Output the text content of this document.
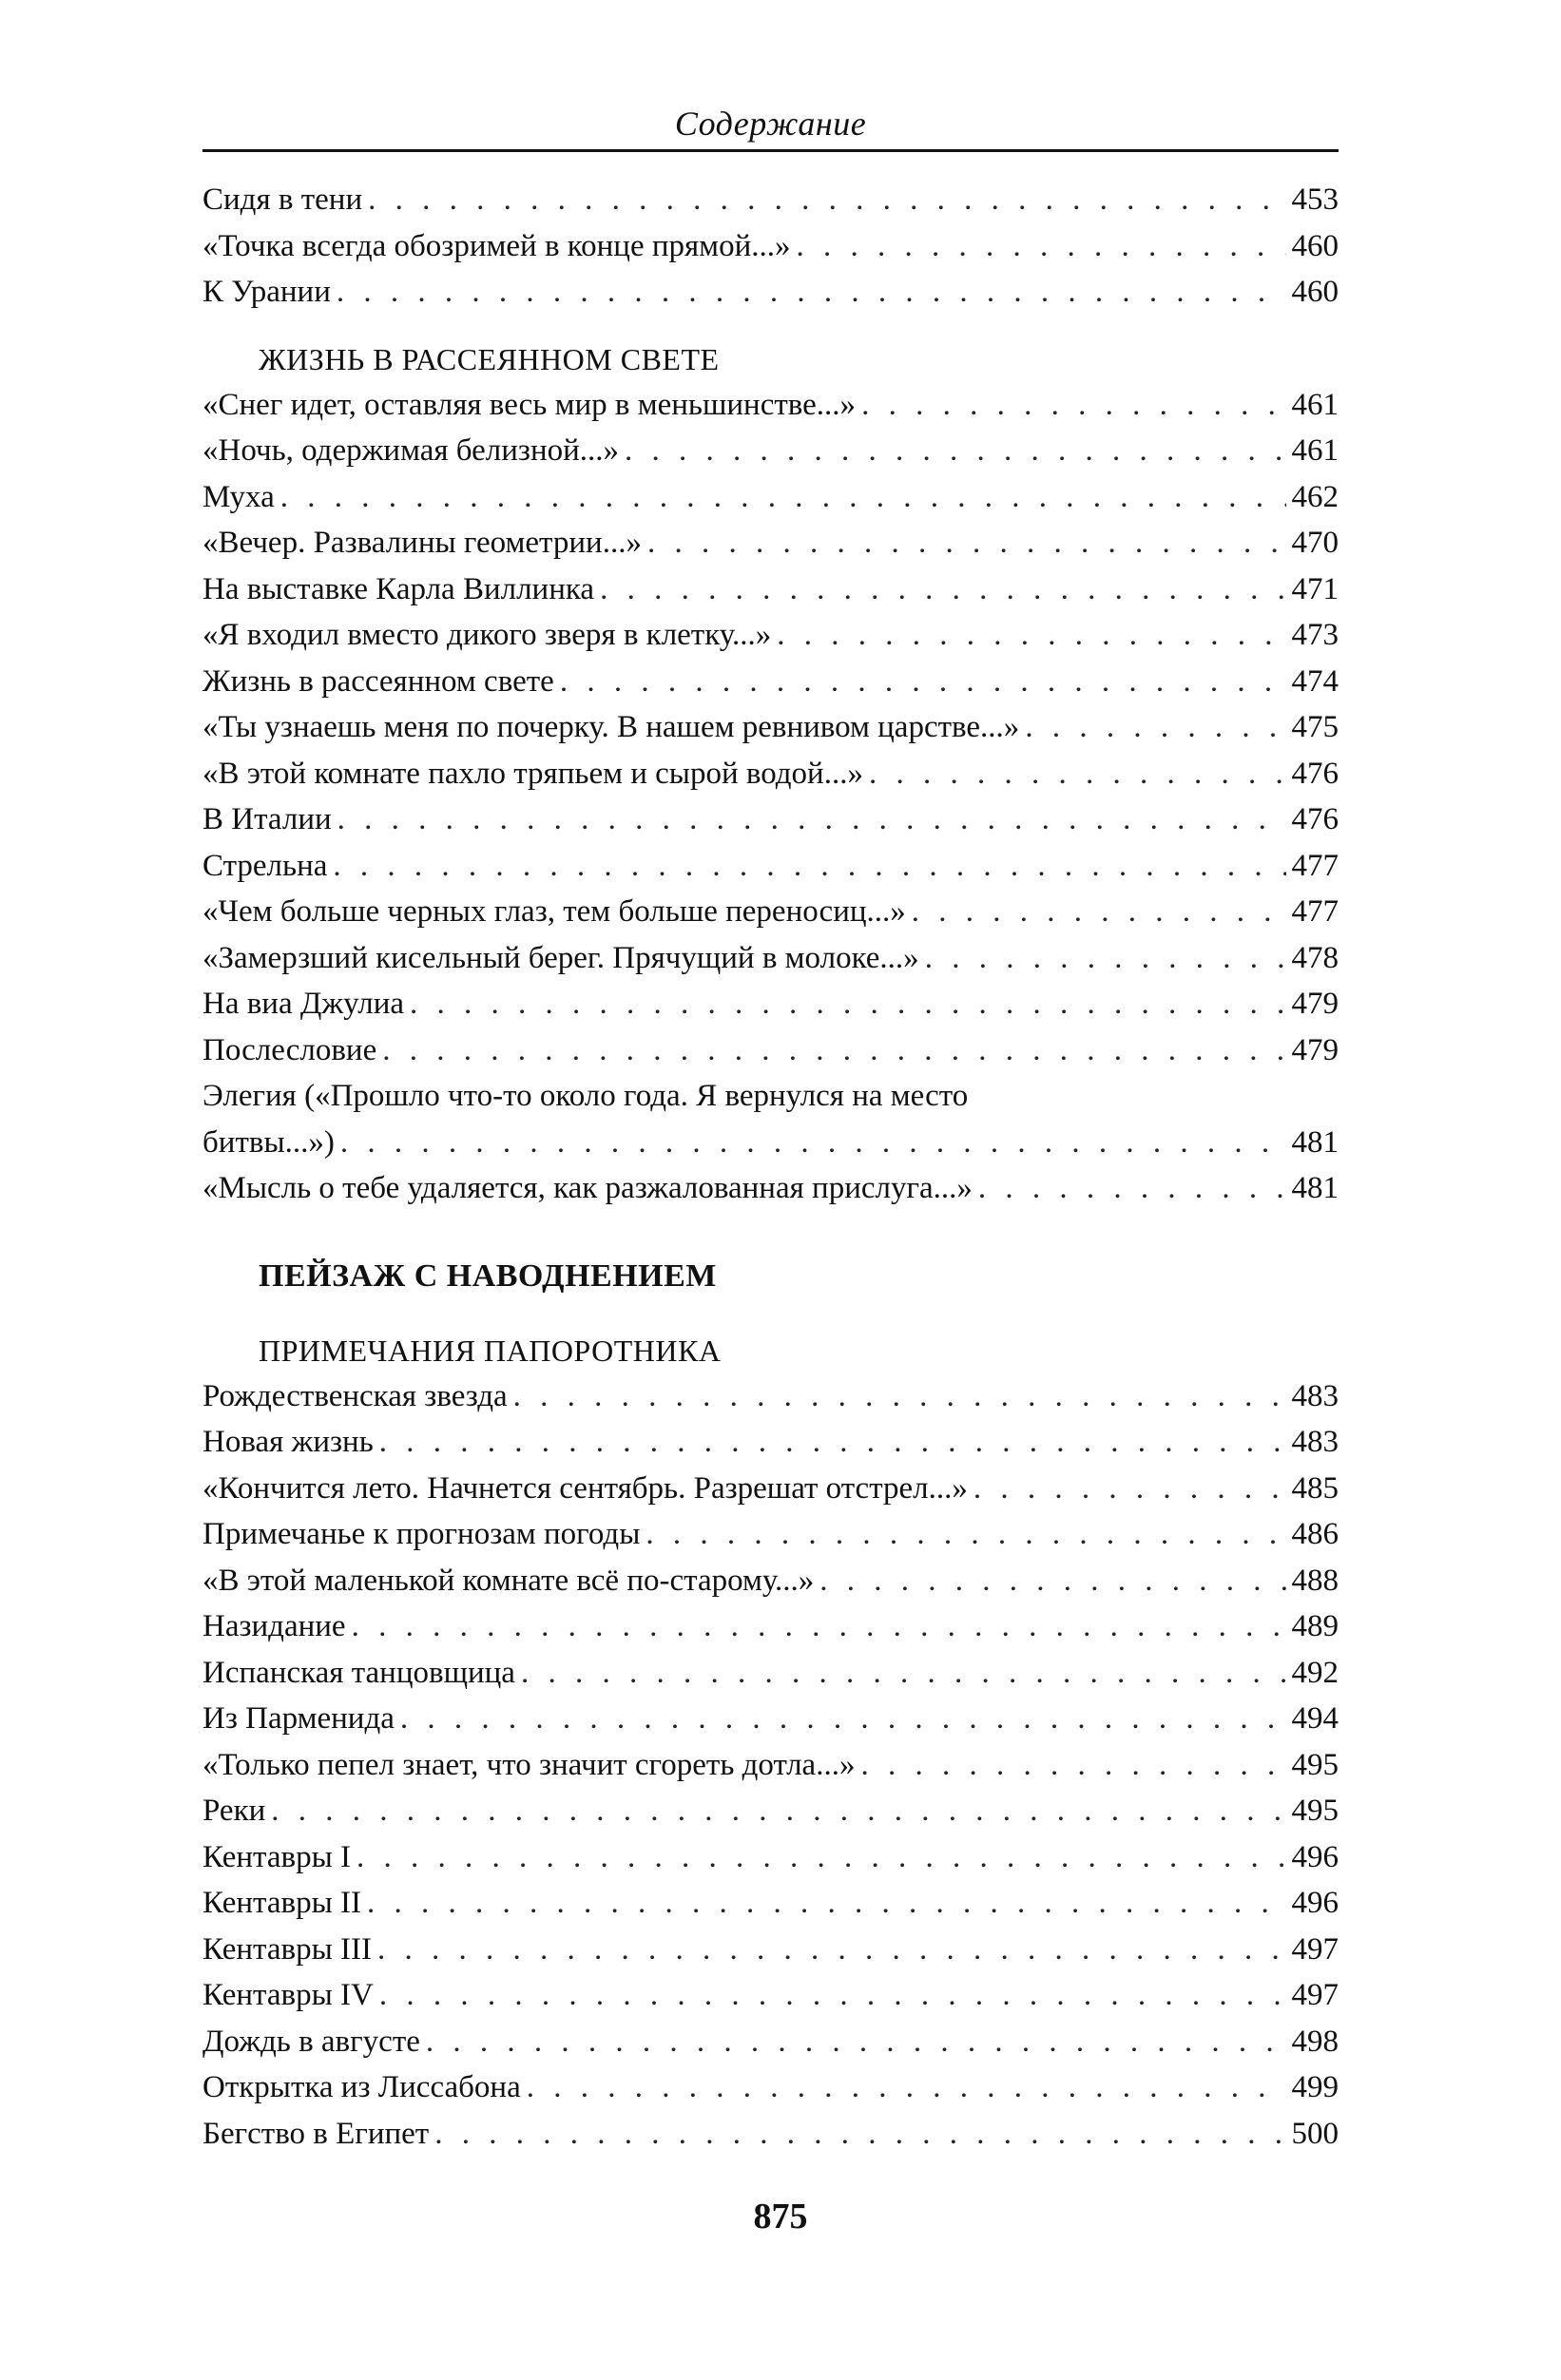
Содержание
Сидя в тени . . .	453
«Точка всегда обозримей в конце прямой...» . . .	460
К Урании . . .	460
ЖИЗНЬ В РАССЕЯННОМ СВЕТЕ
«Снег идет, оставляя весь мир в меньшинстве...» . . .	461
«Ночь, одержимая белизной...» . . .	461
Муха . . .	462
«Вечер. Развалины геометрии...» . . .	470
На выставке Карла Виллинка . . .	471
«Я входил вместо дикого зверя в клетку...» . . .	473
Жизнь в рассеянном свете . . .	474
«Ты узнаешь меня по почерку. В нашем ревнивом царстве...» . . .	475
«В этой комнате пахло тряпьем и сырой водой...» . . .	476
В Италии . . .	476
Стрельна . . .	477
«Чем больше черных глаз, тем больше переносиц...» . . .	477
«Замерзший кисельный берег. Прячущий в молоке...» . . .	478
На виа Джулиа . . .	479
Послесловие . . .	479
Элегия («Прошло что-то около года. Я вернулся на место
битвы...») . . .	481
«Мысль о тебе удаляется, как разжалованная прислуга...» . . .	481
ПЕЙЗАЖ С НАВОДНЕНИЕМ
ПРИМЕЧАНИЯ ПАПОРОТНИКА
Рождественская звезда . . .	483
Новая жизнь . . .	483
«Кончится лето. Начнется сентябрь. Разрешат отстрел...» . . .	485
Примечанье к прогнозам погоды . . .	486
«В этой маленькой комнате всё по-старому...» . . .	488
Назидание . . .	489
Испанская танцовщица . . .	492
Из Парменида . . .	494
«Только пепел знает, что значит сгореть дотла...» . . .	495
Реки . . .	495
Кентавры I . . .	496
Кентавры II . . .	496
Кентавры III . . .	497
Кентавры IV . . .	497
Дождь в августе . . .	498
Открытка из Лиссабона . . .	499
Бегство в Египет . . .	500
875
